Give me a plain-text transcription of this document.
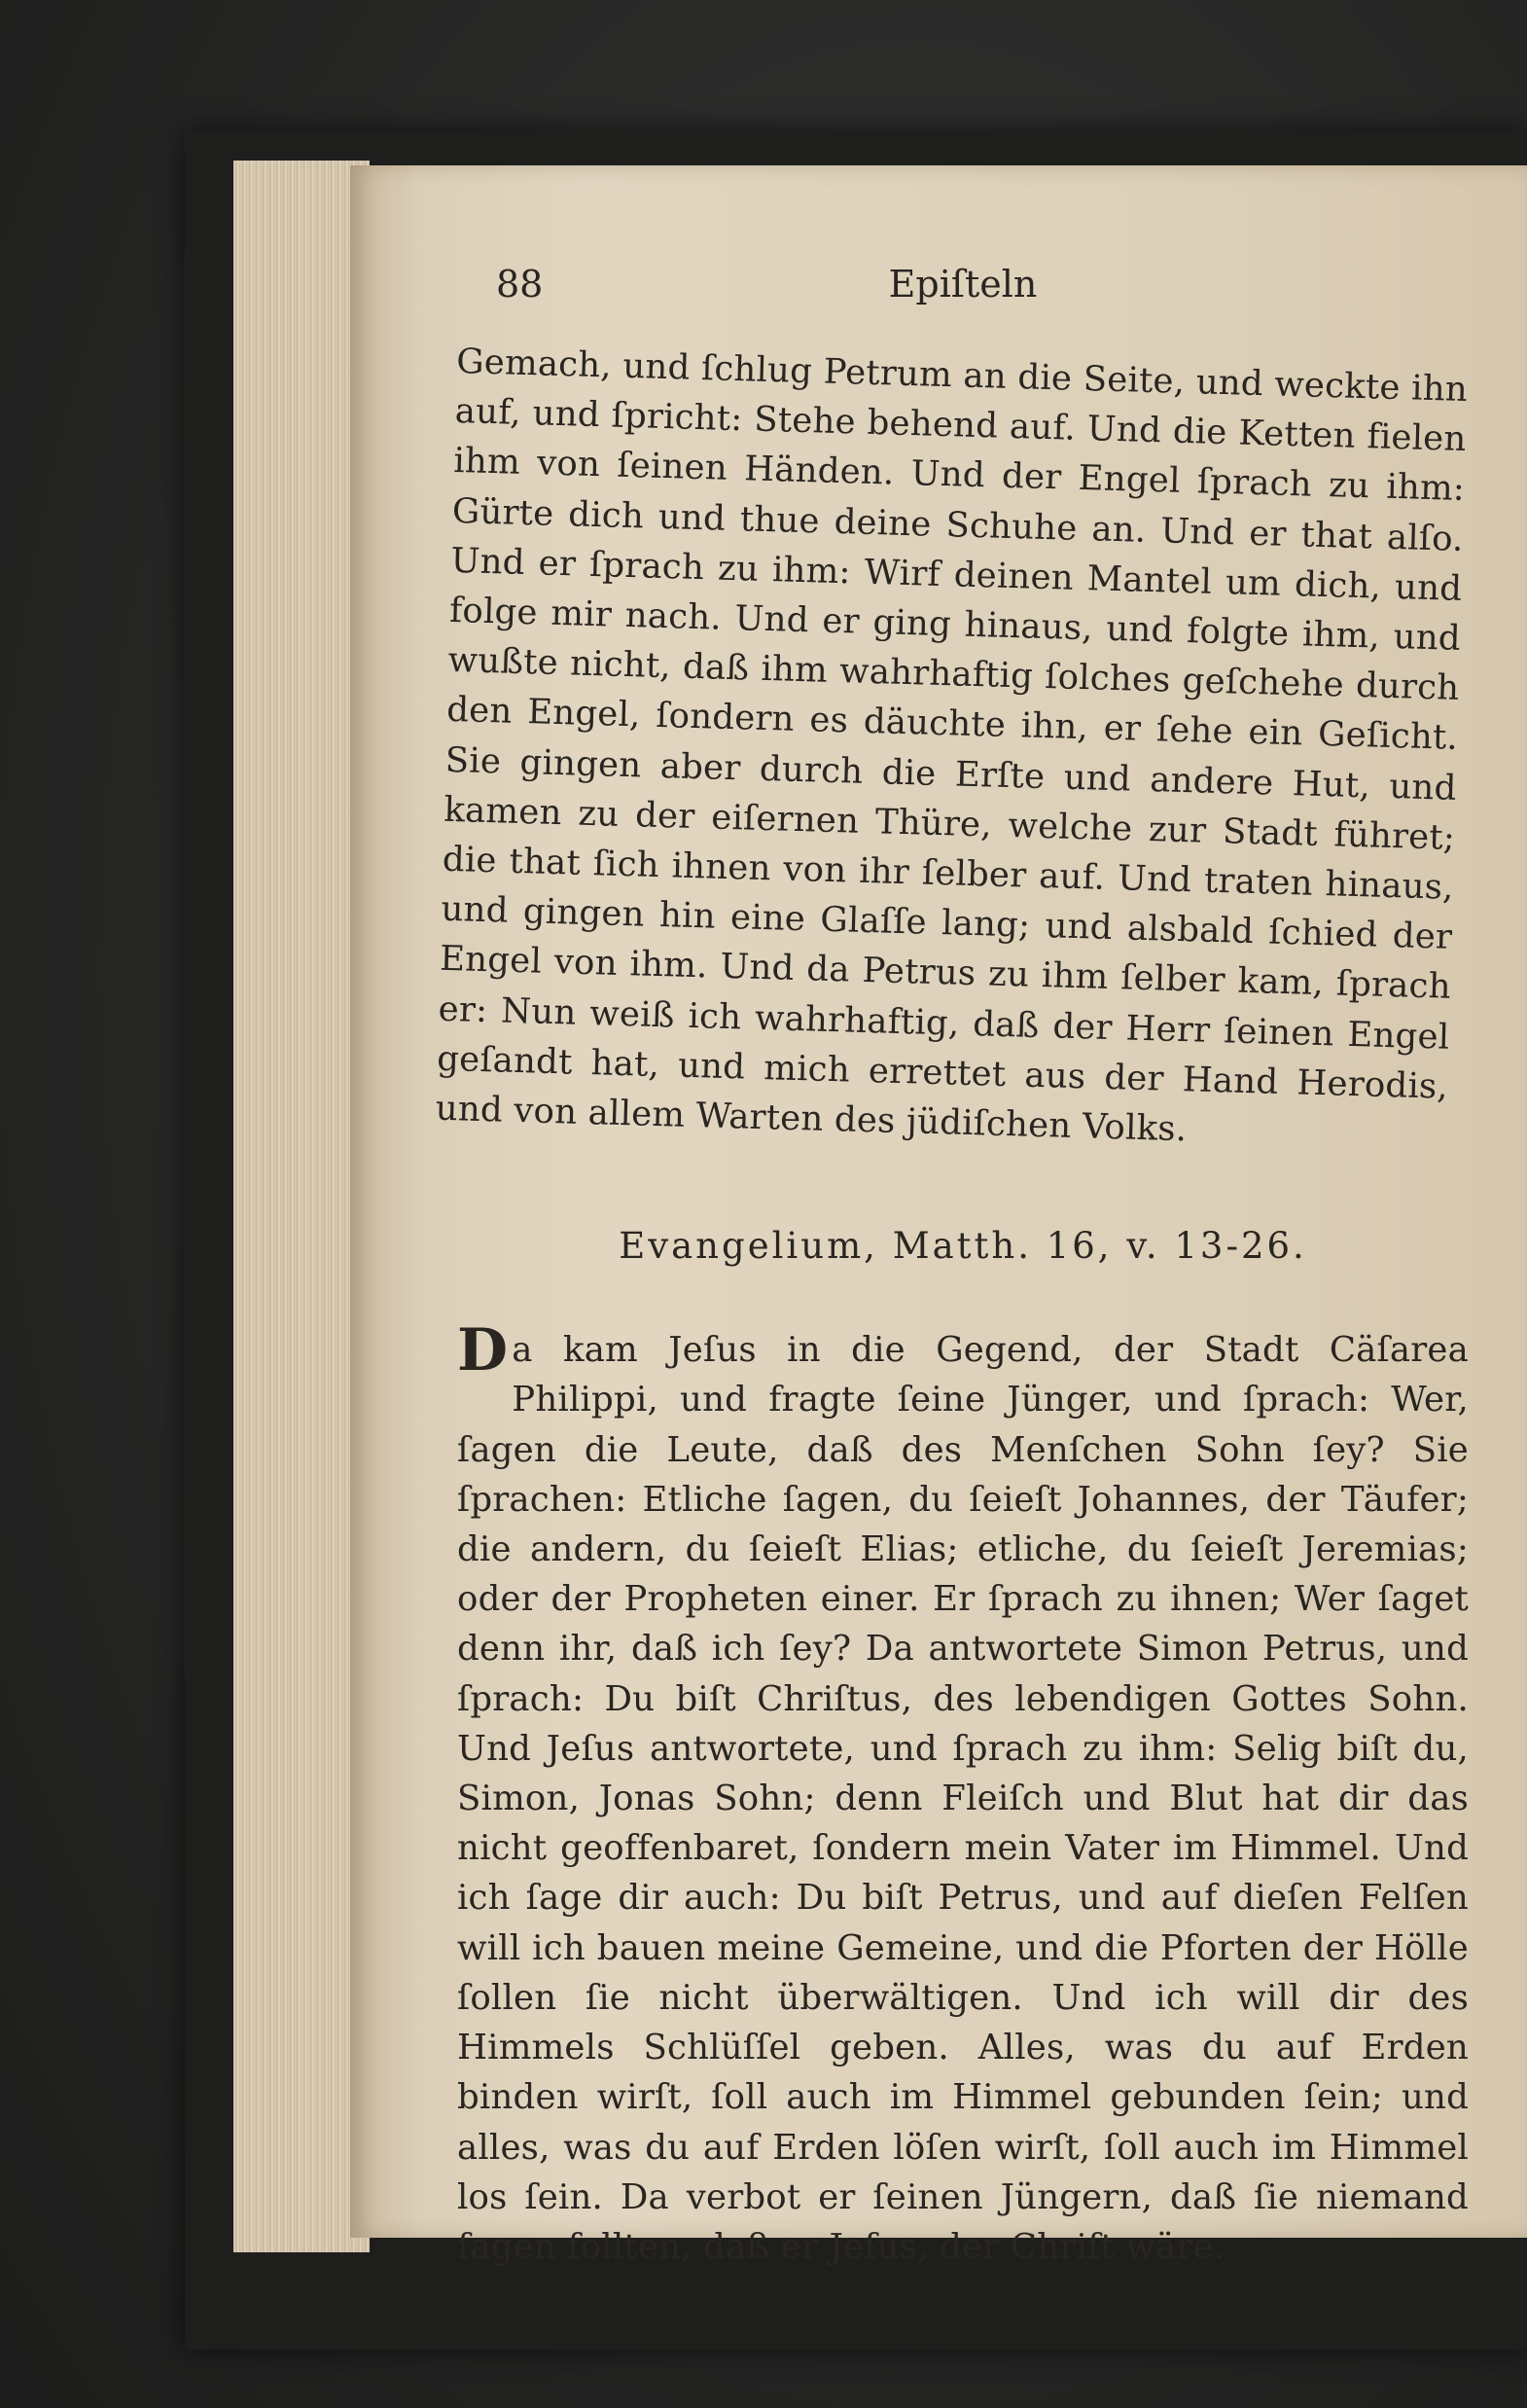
88	Epiſteln

Gemach, und ſchlug Petrum an die Seite, und weckte ihn auf, und ſpricht: Stehe behend auf. Und die Ketten fielen ihm von ſeinen Händen. Und der Engel ſprach zu ihm: Gürte dich und thue deine Schuhe an. Und er that alſo. Und er ſprach zu ihm: Wirf deinen Mantel um dich, und folge mir nach. Und er ging hinaus, und folgte ihm, und wußte nicht, daß ihm wahrhaftig ſolches geſchehe durch den Engel, ſondern es däuchte ihn, er ſehe ein Geſicht. Sie gingen aber durch die Erſte und andere Hut, und kamen zu der eiſernen Thüre, welche zur Stadt führet; die that ſich ihnen von ihr ſelber auf. Und traten hinaus, und gingen hin eine Glaſſe lang; und alsbald ſchied der Engel von ihm. Und da Petrus zu ihm ſelber kam, ſprach er: Nun weiß ich wahrhaftig, daß der Herr ſeinen Engel geſandt hat, und mich errettet aus der Hand Herodis, und von allem Warten des jüdiſchen Volks.

Evangelium, Matth. 16, v. 13‑26.

Da kam Jeſus in die Gegend, der Stadt Cäſarea Philippi, und fragte ſeine Jünger, und ſprach: Wer, ſagen die Leute, daß des Menſchen Sohn ſey? Sie ſprachen: Etliche ſagen, du ſeieſt Johannes, der Täufer; die andern, du ſeieſt Elias; etliche, du ſeieſt Jeremias; oder der Propheten einer. Er ſprach zu ihnen; Wer ſaget denn ihr, daß ich ſey? Da antwortete Simon Petrus, und ſprach: Du biſt Chriſtus, des lebendigen Gottes Sohn. Und Jeſus antwortete, und ſprach zu ihm: Selig biſt du, Simon, Jonas Sohn; denn Fleiſch und Blut hat dir das nicht geoffenbaret, ſondern mein Vater im Himmel. Und ich ſage dir auch: Du biſt Petrus, und auf dieſen Felſen will ich bauen meine Gemeine, und die Pforten der Hölle ſollen ſie nicht überwältigen. Und ich will dir des Himmels Schlüſſel geben. Alles, was du auf Erden binden wirſt, ſoll auch im Himmel gebunden ſein; und alles, was du auf Erden löſen wirſt, ſoll auch im Himmel los ſein. Da verbot er ſeinen Jüngern, daß ſie niemand ſagen ſollten, daß er Jeſus, der Chriſt wäre.
